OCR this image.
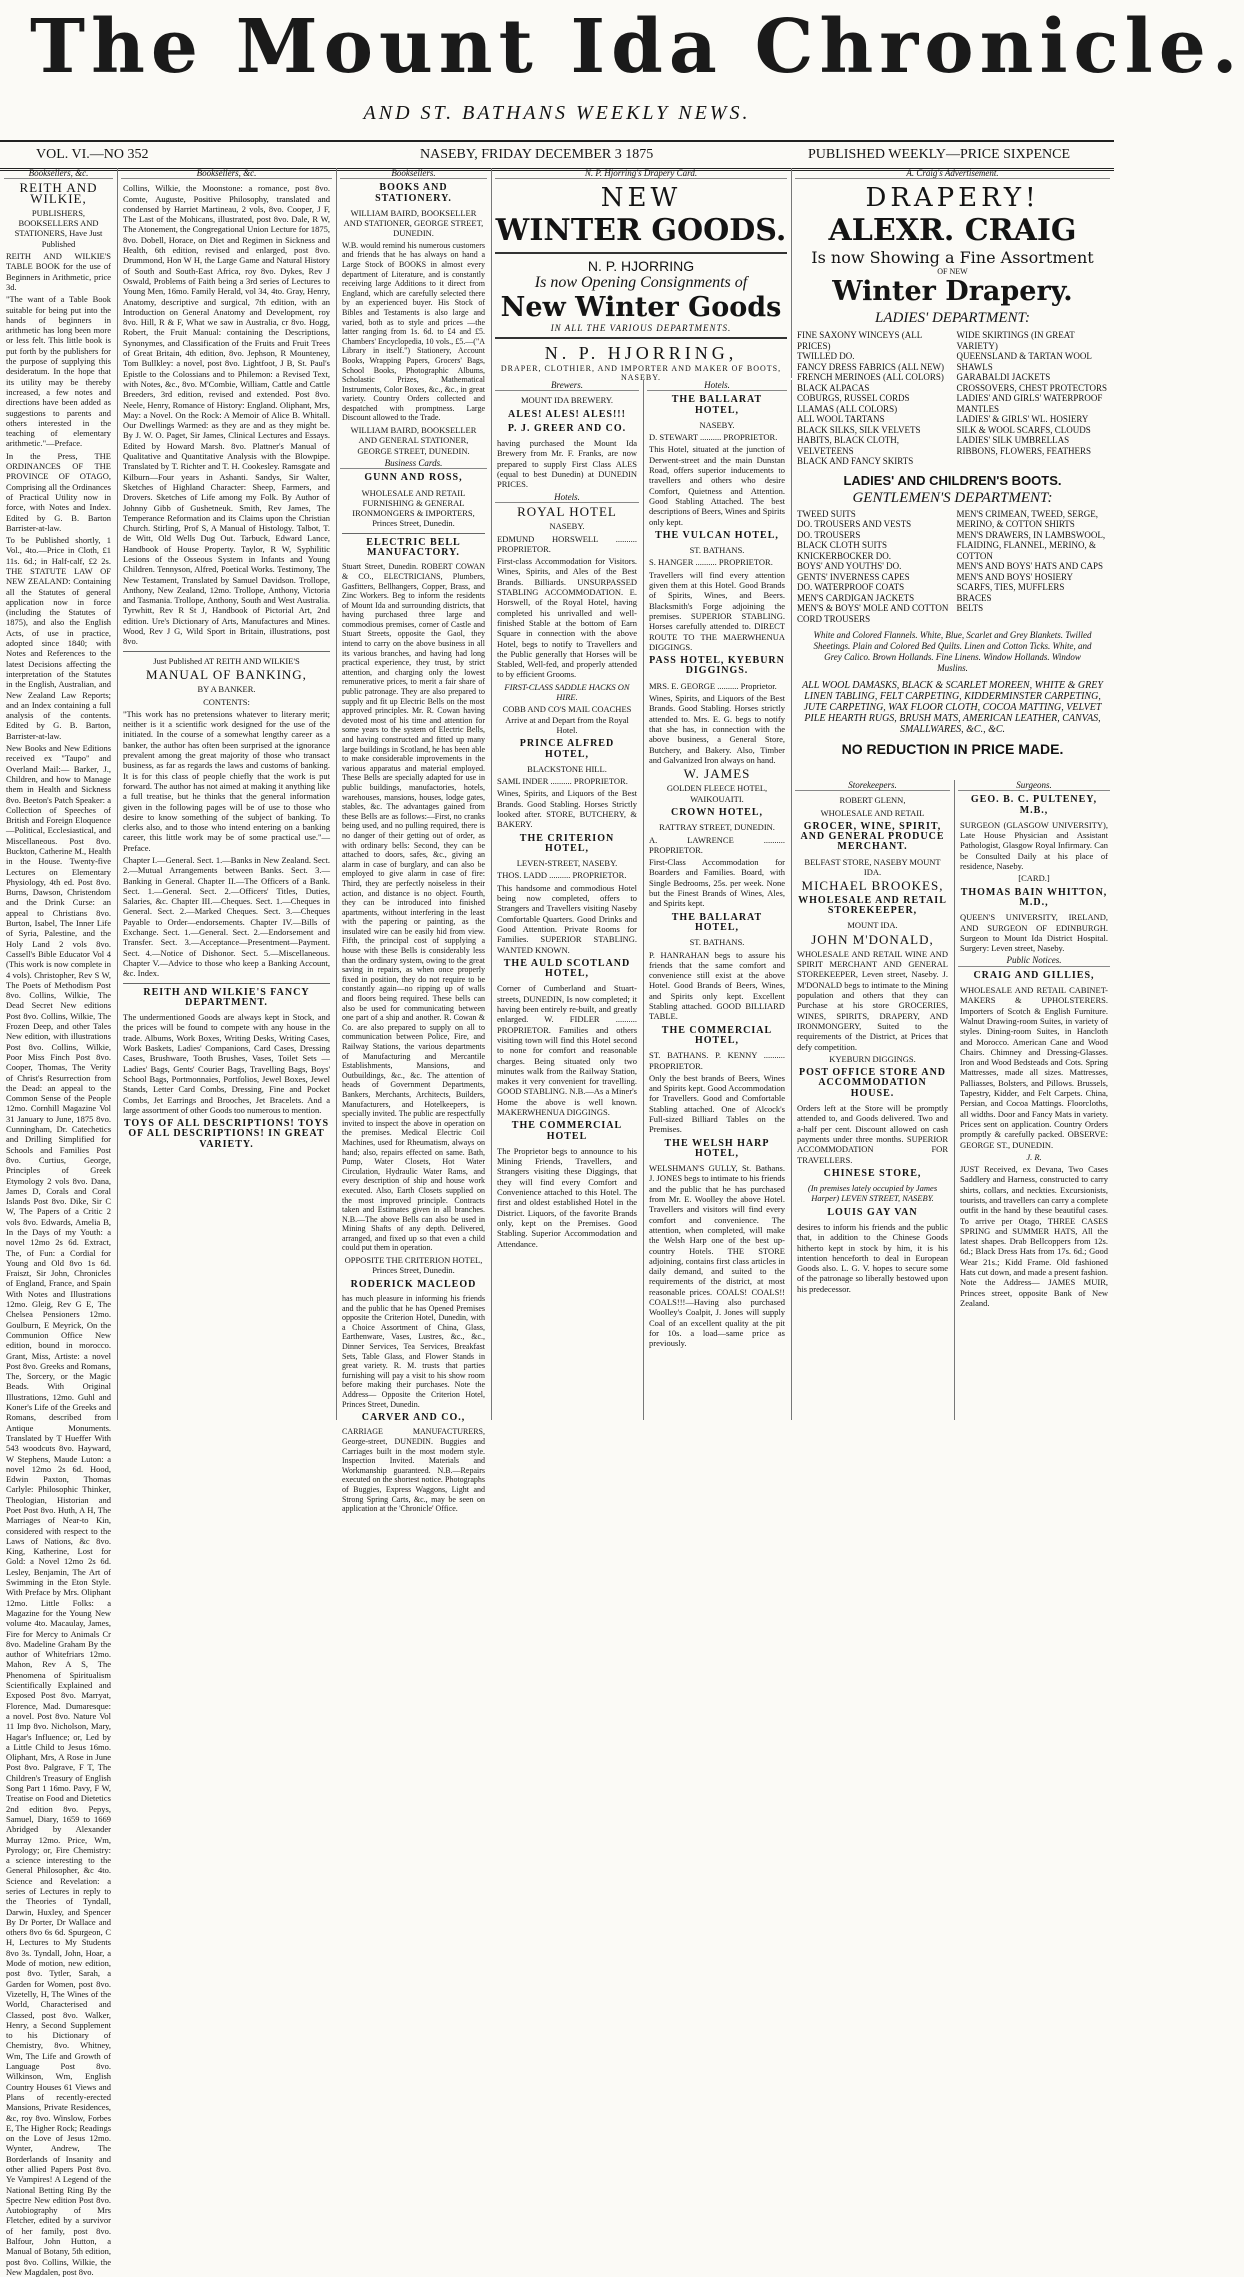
The Mount Ida Chronicle.
AND ST. BATHANS WEEKLY NEWS.
VOL. VI.—NO 352	NASEBY, FRIDAY DECEMBER 3 1875	PUBLISHED WEEKLY—PRICE SIXPENCE
Booksellers, &c.
REITH AND WILKIE,

PUBLISHERS, BOOKSELLERS AND STATIONERS, Have Just Published

REITH AND WILKIE'S TABLE BOOK for the use of Beginners in Arithmetic, price 3d.

"The want of a Table Book suitable for being put into the hands of beginners in arithmetic has long been more or less felt. This little book is put forth by the publishers for the purpose of supplying this desideratum. In the hope that its utility may be thereby increased, a few notes and directions have been added as suggestions to parents and others interested in the teaching of elementary arithmetic."—Preface.

In the Press, THE ORDINANCES OF THE PROVINCE OF OTAGO, Comprising all the Ordinances of Practical Utility now in force, with Notes and Index. Edited by G. B. Barton Barrister-at-law.

To be Published shortly, 1 Vol., 4to.—Price in Cloth, £1 11s. 6d.; in Half-calf, £2 2s. THE STATUTE LAW OF NEW ZEALAND: Containing all the Statutes of general application now in force (including the Statutes of 1875), and also the English Acts, of use in practice, adopted since 1840; with Notes and References to the latest Decisions affecting the interpretation of the Statutes in the English, Australian, and New Zealand Law Reports; and an Index containing a full analysis of the contents. Edited by G. B. Barton, Barrister-at-law.

New Books and New Editions received ex "Taupo" and Overland Mail:— Barker, J., Children, and how to Manage them in Health and Sickness 8vo. Beeton's Patch Speaker: a Collection of Speeches of British and Foreign Eloquence—Political, Ecclesiastical, and Miscellaneous. Post 8vo. Buckton, Catherine M., Health in the House. Twenty-five Lectures on Elementary Physiology, 4th ed. Post 8vo. Burns, Dawson, Christendom and the Drink Curse: an appeal to Christians 8vo. Burton, Isabel, The Inner Life of Syria, Palestine, and the Holy Land 2 vols 8vo. Cassell's Bible Educator Vol 4 (This work is now complete in 4 vols). Christopher, Rev S W, The Poets of Methodism Post 8vo. Collins, Wilkie, The Dead Secret New editions Post 8vo. Collins, Wilkie, The Frozen Deep, and other Tales New edition, with illustrations Post 8vo. Collins, Wilkie, Poor Miss Finch Post 8vo. Cooper, Thomas, The Verity of Christ's Resurrection from the Dead: an appeal to the Common Sense of the People 12mo. Cornhill Magazine Vol 31 January to June, 1875 8vo. Cunningham, Dr. Catechetics and Drilling Simplified for Schools and Families Post 8vo. Curtius, George, Principles of Greek Etymology 2 vols 8vo. Dana, James D, Corals and Coral Islands Post 8vo. Dike, Sir C W, The Papers of a Critic 2 vols 8vo. Edwards, Amelia B, In the Days of my Youth: a novel 12mo 2s 6d. Extract, The, of Fun: a Cordial for Young and Old 8vo 1s 6d. Fraiszt, Sir John, Chronicles of England, France, and Spain With Notes and Illustrations 12mo. Gleig, Rev G E, The Chelsea Pensioners 12mo. Goulburn, E Meyrick, On the Communion Office New edition, bound in morocco. Grant, Miss, Artiste: a novel Post 8vo. Greeks and Romans, The, Sorcery, or the Magic Beads. With Original Illustrations, 12mo. Guhl and Koner's Life of the Greeks and Romans, described from Antique Monuments. Translated by T Hueffer With 543 woodcuts 8vo. Hayward, W Stephens, Maude Luton: a novel 12mo 2s 6d. Hood, Edwin Paxton, Thomas Carlyle: Philosophic Thinker, Theologian, Historian and Poet Post 8vo. Huth, A H, The Marriages of Near-to Kin, considered with respect to the Laws of Nations, &c 8vo. King, Katherine, Lost for Gold: a Novel 12mo 2s 6d. Lesley, Benjamin, The Art of Swimming in the Eton Style. With Preface by Mrs. Oliphant 12mo. Little Folks: a Magazine for the Young New volume 4to. Macaulay, James, Fire for Mercy to Animals Cr 8vo. Madeline Graham By the author of Whitefriars 12mo. Mahon, Rev A S, The Phenomena of Spiritualism Scientifically Explained and Exposed Post 8vo. Marryat, Florence, Mad. Dumaresque: a novel. Post 8vo. Nature Vol 11 Imp 8vo. Nicholson, Mary, Hagar's Influence; or, Led by a Little Child to Jesus 16mo. Oliphant, Mrs, A Rose in June Post 8vo. Palgrave, F T, The Children's Treasury of English Song Part 1 16mo. Pavy, F W, Treatise on Food and Dietetics 2nd edition 8vo. Pepys, Samuel, Diary, 1659 to 1669 Abridged by Alexander Murray 12mo. Price, Wm, Pyrology; or, Fire Chemistry: a science interesting to the General Philosopher, &c 4to. Science and Revelation: a series of Lectures in reply to the Theories of Tyndall, Darwin, Huxley, and Spencer By Dr Porter, Dr Wallace and others 8vo 6s 6d. Spurgeon, C H, Lectures to My Students 8vo 3s. Tyndall, John, Hoar, a Mode of motion, new edition, post 8vo. Tytler, Sarah, a Garden for Women, post 8vo. Vizetelly, H, The Wines of the World, Characterised and Classed, post 8vo. Walker, Henry, a Second Supplement to his Dictionary of Chemistry, 8vo. Whitney, Wm, The Life and Growth of Language Post 8vo. Wilkinson, Wm, English Country Houses 61 Views and Plans of recently-erected Mansions, Private Residences, &c, roy 8vo. Winslow, Forbes E, The Higher Rock; Readings on the Love of Jesus 12mo. Wynter, Andrew, The Borderlands of Insanity and other allied Papers Post 8vo. Ye Vampires! A Legend of the National Betting Ring By the Spectre New edition Post 8vo. Autobiography of Mrs Fletcher, edited by a survivor of her family, post 8vo. Balfour, John Hutton, a Manual of Botany, 5th edition, post 8vo. Collins, Wilkie, the New Magdalen, post 8vo.

Booksellers, &c.

Collins, Wilkie, the Moonstone: a romance, post 8vo. Comte, Auguste, Positive Philosophy, translated and condensed by Harriet Martineau, 2 vols, 8vo. Cooper, J F, The Last of the Mohicans, illustrated, post 8vo. Dale, R W, The Atonement, the Congregational Union Lecture for 1875, 8vo. Dobell, Horace, on Diet and Regimen in Sickness and Health, 6th edition, revised and enlarged, post 8vo. Drummond, Hon W H, the Large Game and Natural History of South and South-East Africa, roy 8vo. Dykes, Rev J Oswald, Problems of Faith being a 3rd series of Lectures to Young Men, 16mo. Family Herald, vol 34, 4to. Gray, Henry, Anatomy, descriptive and surgical, 7th edition, with an Introduction on General Anatomy and Development, roy 8vo. Hill, R & F, What we saw in Australia, cr 8vo. Hogg, Robert, the Fruit Manual: containing the Descriptions, Synonymes, and Classification of the Fruits and Fruit Trees of Great Britain, 4th edition, 8vo. Jephson, R Mounteney, Tom Bullkley: a novel, post 8vo. Lightfoot, J B, St. Paul's Epistle to the Colossians and to Philemon: a Revised Text, with Notes, &c., 8vo. M'Combie, William, Cattle and Cattle Breeders, 3rd edition, revised and extended. Post 8vo. Neele, Henry, Romance of History: England. Oliphant, Mrs, May: a Novel. On the Rock: A Memoir of Alice B. Whitall. Our Dwellings Warmed: as they are and as they might be. By J. W. O. Paget, Sir James, Clinical Lectures and Essays. Edited by Howard Marsh. 8vo. Plattner's Manual of Qualitative and Quantitative Analysis with the Blowpipe. Translated by T. Richter and T. H. Cookesley. Ramsgate and Kilburn—Four years in Ashanti. Sandys, Sir Walter, Sketches of Highland Character: Sheep, Farmers, and Drovers. Sketches of Life among my Folk. By Author of Johnny Gibb of Gushetneuk. Smith, Rev James, The Temperance Reformation and its Claims upon the Christian Church. Stirling, Prof S, A Manual of Histology. Talbot, T. de Witt, Old Wells Dug Out. Tarbuck, Edward Lance, Handbook of House Property. Taylor, R W, Syphilitic Lesions of the Osseous System in Infants and Young Children. Tennyson, Alfred, Poetical Works. Testimony, The New Testament, Translated by Samuel Davidson. Trollope, Anthony, New Zealand, 12mo. Trollope, Anthony, Victoria and Tasmania. Trollope, Anthony, South and West Australia. Tyrwhitt, Rev R St J, Handbook of Pictorial Art, 2nd edition. Ure's Dictionary of Arts, Manufactures and Mines. Wood, Rev J G, Wild Sport in Britain, illustrations, post 8vo.

Just Published AT REITH AND WILKIE'S

MANUAL OF BANKING,

BY A BANKER.

CONTENTS:

"This work has no pretensions whatever to literary merit; neither is it a scientific work designed for the use of the initiated. In the course of a somewhat lengthy career as a banker, the author has often been surprised at the ignorance prevalent among the great majority of those who transact business, as far as regards the laws and customs of banking. It is for this class of people chiefly that the work is put forward. The author has not aimed at making it anything like a full treatise, but he thinks that the general information given in the following pages will be of use to those who desire to know something of the subject of banking. To clerks also, and to those who intend entering on a banking career, this little work may be of some practical use."—Preface.

Chapter I.—General. Sect. 1.—Banks in New Zealand. Sect. 2.—Mutual Arrangements between Banks. Sect. 3.—Banking in General. Chapter II.—The Officers of a Bank. Sect. 1.—General. Sect. 2.—Officers' Titles, Duties, Salaries, &c. Chapter III.—Cheques. Sect. 1.—Cheques in General. Sect. 2.—Marked Cheques. Sect. 3.—Cheques Payable to Order—endorsements. Chapter IV.—Bills of Exchange. Sect. 1.—General. Sect. 2.—Endorsement and Transfer. Sect. 3.—Acceptance—Presentment—Payment. Sect. 4.—Notice of Dishonor. Sect. 5.—Miscellaneous. Chapter V.—Advice to those who keep a Banking Account, &c. Index.

REITH AND WILKIE'S FANCY DEPARTMENT.

The undermentioned Goods are always kept in Stock, and the prices will be found to compete with any house in the trade. Albums, Work Boxes, Writing Desks, Writing Cases, Work Baskets, Ladies' Companions, Card Cases, Dressing Cases, Brushware, Tooth Brushes, Vases, Toilet Sets — Ladies' Bags, Gents' Courier Bags, Travelling Bags, Boys' School Bags, Portmonnaies, Portfolios, Jewel Boxes, Jewel Stands, Letter Card Combs, Dressing, Fine and Pocket Combs, Jet Earrings and Brooches, Jet Bracelets. And a large assortment of other Goods too numerous to mention.

TOYS OF ALL DESCRIPTIONS! TOYS OF ALL DESCRIPTIONS! IN GREAT VARIETY.
Booksellers.
BOOKS AND STATIONERY.

WILLIAM BAIRD, BOOKSELLER AND STATIONER, GEORGE STREET, DUNEDIN.

W.B. would remind his numerous customers and friends that he has always on hand a Large Stock of BOOKS in almost every department of Literature, and is constantly receiving large Additions to it direct from England, which are carefully selected there by an experienced buyer. His Stock of Bibles and Testaments is also large and varied, both as to style and prices —the latter ranging from 1s. 6d. to £4 and £5. Chambers' Encyclopedia, 10 vols., £5.—("A Library in itself.") Stationery, Account Books, Wrapping Papers, Grocers' Bags, School Books, Photographic Albums, Scholastic Prizes, Mathematical Instruments, Color Boxes, &c., &c., in great variety. Country Orders collected and despatched with promptness. Large Discount allowed to the Trade.

WILLIAM BAIRD, BOOKSELLER AND GENERAL STATIONER, GEORGE STREET, DUNEDIN.

Business Cards.
GUNN AND ROSS,

WHOLESALE AND RETAIL FURNISHING & GENERAL IRONMONGERS & IMPORTERS, Princes Street, Dunedin.

ELECTRIC BELL MANUFACTORY.

Stuart Street, Dunedin. ROBERT COWAN & CO., ELECTRICIANS, Plumbers, Gasfitters, Bellhangers, Copper, Brass, and Zinc Workers. Beg to inform the residents of Mount Ida and surrounding districts, that having purchased three large and commodious premises, corner of Castle and Stuart Streets, opposite the Gaol, they intend to carry on the above business in all its various branches, and having had long practical experience, they trust, by strict attention, and charging only the lowest remunerative prices, to merit a fair share of public patronage. They are also prepared to supply and fit up Electric Bells on the most approved principles. Mr. R. Cowan having devoted most of his time and attention for some years to the system of Electric Bells, and having constructed and fitted up many large buildings in Scotland, he has been able to make considerable improvements in the various apparatus and material employed. These Bells are specially adapted for use in public buildings, manufactories, hotels, warehouses, mansions, houses, lodge gates, stables, &c. The advantages gained from these Bells are as follows:—First, no cranks being used, and no pulling required, there is no danger of their getting out of order, as with ordinary bells: Second, they can be attached to doors, safes, &c., giving an alarm in case of burglary, and can also be employed to give alarm in case of fire: Third, they are perfectly noiseless in their action, and distance is no object. Fourth, they can be introduced into finished apartments, without interfering in the least with the papering or painting, as the insulated wire can be easily hid from view. Fifth, the principal cost of supplying a house with these Bells is considerably less than the ordinary system, owing to the great saving in repairs, as when once properly fixed in position, they do not require to be constantly again—no ripping up of walls and floors being required. These bells can also be used for communicating between one part of a ship and another. R. Cowan & Co. are also prepared to supply on all to communication between Police, Fire, and Railway Stations, the various departments of Manufacturing and Mercantile Establishments, Mansions, and Outbuildings, &c., &c. The attention of heads of Government Departments, Bankers, Merchants, Architects, Builders, Manufacturers, and Hotelkeepers, is specially invited. The public are respectfully invited to inspect the above in operation on the premises. Medical Electric Coil Machines, used for Rheumatism, always on hand; also, repairs effected on same. Bath, Pump, Water Closets, Hot Water Circulation, Hydraulic Water Rams, and every description of ship and house work executed. Also, Earth Closets supplied on the most improved principle. Contracts taken and Estimates given in all branches. N.B.—The above Bells can also be used in Mining Shafts of any depth. Delivered, arranged, and fixed up so that even a child could put them in operation.

OPPOSITE THE CRITERION HOTEL, Princes Street, Dunedin.

RODERICK MACLEOD

has much pleasure in informing his friends and the public that he has Opened Premises opposite the Criterion Hotel, Dunedin, with a Choice Assortment of China, Glass, Earthenware, Vases, Lustres, &c., &c., Dinner Services, Tea Services, Breakfast Sets, Table Glass, and Flower Stands in great variety. R. M. trusts that parties furnishing will pay a visit to his show room before making their purchases. Note the Address— Opposite the Criterion Hotel, Princes Street, Dunedin.

CARVER AND CO.,

CARRIAGE MANUFACTURERS, George-street, DUNEDIN. Buggies and Carriages built in the most modern style. Inspection Invited. Materials and Workmanship guaranteed. N.B.—Repairs executed on the shortest notice. Photographs of Buggies, Express Waggons, Light and Strong Spring Carts, &c., may be seen on application at the 'Chronicle' Office.

N. P. Hjorring's Drapery Card.
NEW
WINTER GOODS.
N. P. HJORRING
Is now Opening Consignments of
New Winter Goods
IN ALL THE VARIOUS DEPARTMENTS.
N. P. HJORRING,
DRAPER, CLOTHIER, AND IMPORTER AND MAKER OF BOOTS, NASEBY.
A. Craig's Advertisement.
DRAPERY!
ALEXR. CRAIG
Is now Showing a Fine Assortment
OF NEW
Winter Drapery.
LADIES' DEPARTMENT:
FINE SAXONY WINCEYS (ALL PRICES)
TWILLED DO.
FANCY DRESS FABRICS (ALL NEW)
FRENCH MERINOES (ALL COLORS)
BLACK ALPACAS
COBURGS, RUSSEL CORDS
LLAMAS (ALL COLORS)
ALL WOOL TARTANS
BLACK SILKS, SILK VELVETS
HABITS, BLACK CLOTH, VELVETEENS
BLACK AND FANCY SKIRTS
WIDE SKIRTINGS (IN GREAT VARIETY)
QUEENSLAND & TARTAN WOOL SHAWLS
GARABALDI JACKETS
CROSSOVERS, CHEST PROTECTORS
LADIES' AND GIRLS' WATERPROOF MANTLES
LADIES' & GIRLS' WL. HOSIERY
SILK & WOOL SCARFS, CLOUDS
LADIES' SILK UMBRELLAS
RIBBONS, FLOWERS, FEATHERS
LADIES' AND CHILDREN'S BOOTS.
GENTLEMEN'S DEPARTMENT:
TWEED SUITS
DO. TROUSERS AND VESTS
DO. TROUSERS
BLACK CLOTH SUITS
KNICKERBOCKER DO.
BOYS' AND YOUTHS' DO.
GENTS' INVERNESS CAPES
DO. WATERPROOF COATS
MEN'S CARDIGAN JACKETS
MEN'S & BOYS' MOLE AND COTTON CORD TROUSERS
MEN'S CRIMEAN, TWEED, SERGE, MERINO, & COTTON SHIRTS
MEN'S DRAWERS, IN LAMBSWOOL, FLAIDING, FLANNEL, MERINO, & COTTON
MEN'S AND BOYS' HATS AND CAPS
MEN'S AND BOYS' HOSIERY
SCARFS, TIES, MUFFLERS
BRACES
BELTS
White and Colored Flannels. White, Blue, Scarlet and Grey Blankets. Twilled Sheetings. Plain and Colored Bed Quilts. Linen and Cotton Ticks. White, and Grey Calico. Brown Hollands. Fine Linens. Window Hollands. Window Muslins.
ALL WOOL DAMASKS, BLACK & SCARLET MOREEN, WHITE & GREY LINEN TABLING, FELT CARPETING, KIDDERMINSTER CARPETING, JUTE CARPETING, WAX FLOOR CLOTH, COCOA MATTING, VELVET PILE HEARTH RUGS, BRUSH MATS, AMERICAN LEATHER, CANVAS, SMALLWARES, &C., &C.
NO REDUCTION IN PRICE MADE.
Brewers.

MOUNT IDA BREWERY.

ALES! ALES! ALES!!!
P. J. GREER AND CO.

having purchased the Mount Ida Brewery from Mr. F. Franks, are now prepared to supply First Class ALES (equal to best Dunedin) at DUNEDIN PRICES.

Hotels.
ROYAL HOTEL

NASEBY.

EDMUND HORSWELL .......... PROPRIETOR.

First-class Accommodation for Visitors. Wines, Spirits, and Ales of the Best Brands. Billiards. UNSURPASSED STABLING ACCOMMODATION. E. Horswell, of the Royal Hotel, having completed his unrivalled and well-finished Stable at the bottom of Earn Square in connection with the above Hotel, begs to notify to Travellers and the Public generally that Horses will be Stabled, Well-fed, and properly attended to by efficient Grooms.

FIRST-CLASS SADDLE HACKS ON HIRE.

COBB AND CO'S MAIL COACHES Arrive at and Depart from the Royal Hotel.

PRINCE ALFRED HOTEL,

BLACKSTONE HILL.

SAML INDER .......... PROPRIETOR.

Wines, Spirits, and Liquors of the Best Brands. Good Stabling. Horses Strictly looked after. STORE, BUTCHERY, & BAKERY.

THE CRITERION HOTEL,

LEVEN-STREET, NASEBY.

THOS. LADD .......... PROPRIETOR.

This handsome and commodious Hotel being now completed, offers to Strangers and Travellers visiting Naseby Comfortable Quarters. Good Drinks and Good Attention. Private Rooms for Families. SUPERIOR STABLING. WANTED KNOWN.

THE AULD SCOTLAND HOTEL,

Corner of Cumberland and Stuart-streets, DUNEDIN, Is now completed; it having been entirely re-built, and greatly enlarged. W. FIDLER .......... PROPRIETOR. Families and others visiting town will find this Hotel second to none for comfort and reasonable charges. Being situated only two minutes walk from the Railway Station, makes it very convenient for travelling. GOOD STABLING. N.B.—As a Miner's Home the above is well known. MAKERWHENUA DIGGINGS.

THE COMMERCIAL HOTEL

The Proprietor begs to announce to his Mining Friends, Travellers, and Strangers visiting these Diggings, that they will find every Comfort and Convenience attached to this Hotel. The first and oldest established Hotel in the District. Liquors, of the favorite Brands only, kept on the Premises. Good Stabling. Superior Accommodation and Attendance.

Hotels.
THE BALLARAT HOTEL,

NASEBY.

D. STEWART .......... PROPRIETOR.

This Hotel, situated at the junction of Derwent-street and the main Dunstan Road, offers superior inducements to travellers and others who desire Comfort, Quietness and Attention. Good Stabling Attached. The best descriptions of Beers, Wines and Spirits only kept.

THE VULCAN HOTEL,

ST. BATHANS.

S. HANGER .......... PROPRIETOR.

Travellers will find every attention given them at this Hotel. Good Brands of Spirits, Wines, and Beers. Blacksmith's Forge adjoining the premises. SUPERIOR STABLING. Horses carefully attended to. DIRECT ROUTE TO THE MAERWHENUA DIGGINGS.

PASS HOTEL, KYEBURN DIGGINGS.

MRS. E. GEORGE .......... Proprietor.

Wines, Spirits, and Liquors of the Best Brands. Good Stabling. Horses strictly attended to. Mrs. E. G. begs to notify that she has, in connection with the above business, a General Store, Butchery, and Bakery. Also, Timber and Galvanized Iron always on hand.

W. JAMES

GOLDEN FLEECE HOTEL, WAIKOUAITI.

CROWN HOTEL,

RATTRAY STREET, DUNEDIN.

A. LAWRENCE .......... PROPRIETOR.

First-Class Accommodation for Boarders and Families. Board, with Single Bedrooms, 25s. per week. None but the Finest Brands of Wines, Ales, and Spirits kept.

THE BALLARAT HOTEL,

ST. BATHANS.

P. HANRAHAN begs to assure his friends that the same comfort and convenience still exist at the above Hotel. Good Brands of Beers, Wines, and Spirits only kept. Excellent Stabling attached. GOOD BILLIARD TABLE.

THE COMMERCIAL HOTEL,

ST. BATHANS. P. KENNY .......... PROPRIETOR.

Only the best brands of Beers, Wines and Spirits kept. Good Accommodation for Travellers. Good and Comfortable Stabling attached. One of Alcock's Full-sized Billiard Tables on the Premises.

THE WELSH HARP HOTEL,

WELSHMAN'S GULLY, St. Bathans. J. JONES begs to intimate to his friends and the public that he has purchased from Mr. E. Woolley the above Hotel. Travellers and visitors will find every comfort and convenience. The attention, when completed, will make the Welsh Harp one of the best up-country Hotels. THE STORE adjoining, contains first class articles in daily demand, and suited to the requirements of the district, at most reasonable prices. COALS! COALS!! COALS!!!—Having also purchased Woolley's Coalpit, J. Jones will supply Coal of an excellent quality at the pit for 10s. a load—same price as previously.

Storekeepers.

ROBERT GLENN,

WHOLESALE AND RETAIL

GROCER, WINE, SPIRIT, AND GENERAL PRODUCE MERCHANT.

BELFAST STORE, NASEBY MOUNT IDA.

MICHAEL BROOKES,
WHOLESALE AND RETAIL STOREKEEPER,

MOUNT IDA.

JOHN M'DONALD,

WHOLESALE AND RETAIL WINE AND SPIRIT MERCHANT AND GENERAL STOREKEEPER, Leven street, Naseby. J. M'DONALD begs to intimate to the Mining population and others that they can Purchase at his store GROCERIES, WINES, SPIRITS, DRAPERY, AND IRONMONGERY, Suited to the requirements of the District, at Prices that defy competition.

KYEBURN DIGGINGS.

POST OFFICE STORE AND ACCOMMODATION HOUSE.

Orders left at the Store will be promptly attended to, and Goods delivered. Two and a-half per cent. Discount allowed on cash payments under three months. SUPERIOR ACCOMMODATION FOR TRAVELLERS.

CHINESE STORE,

(In premises lately occupied by James Harper) LEVEN STREET, NASEBY.

LOUIS GAY VAN

desires to inform his friends and the public that, in addition to the Chinese Goods hitherto kept in stock by him, it is his intention henceforth to deal in European Goods also. L. G. V. hopes to secure some of the patronage so liberally bestowed upon his predecessor.

Surgeons.
GEO. B. C. PULTENEY, M.B.,

SURGEON (GLASGOW UNIVERSITY), Late House Physician and Assistant Pathologist, Glasgow Royal Infirmary. Can be Consulted Daily at his place of residence, Naseby.

[CARD.]

THOMAS BAIN WHITTON, M.D.,

QUEEN'S UNIVERSITY, IRELAND, AND SURGEON OF EDINBURGH. Surgeon to Mount Ida District Hospital. Surgery: Leven street, Naseby.

Public Notices.
CRAIG AND GILLIES,

WHOLESALE AND RETAIL CABINET-MAKERS & UPHOLSTERERS. Importers of Scotch & English Furniture. Walnut Drawing-room Suites, in variety of styles. Dining-room Suites, in Hancloth and Morocco. American Cane and Wood Chairs. Chimney and Dressing-Glasses. Iron and Wood Bedsteads and Cots. Spring Mattresses, made all sizes. Mattresses, Palliasses, Bolsters, and Pillows. Brussels, Tapestry, Kidder, and Felt Carpets. China, Persian, and Cocoa Mattings. Floorcloths, all widths. Door and Fancy Mats in variety. Prices sent on application. Country Orders promptly & carefully packed. OBSERVE: GEORGE ST., DUNEDIN.

J. R.

JUST Received, ex Devana, Two Cases Saddlery and Harness, constructed to carry shirts, collars, and neckties. Excursionists, tourists, and travellers can carry a complete outfit in the hand by these beautiful cases. To arrive per Otago, THREE CASES SPRING and SUMMER HATS, All the latest shapes. Drab Bellcoppers from 12s. 6d.; Black Dress Hats from 17s. 6d.; Good Wear 21s.; Kidd Frame. Old fashioned Hats cut down, and made a present fashion. Note the Address— JAMES MUIR, Princes street, opposite Bank of New Zealand.
